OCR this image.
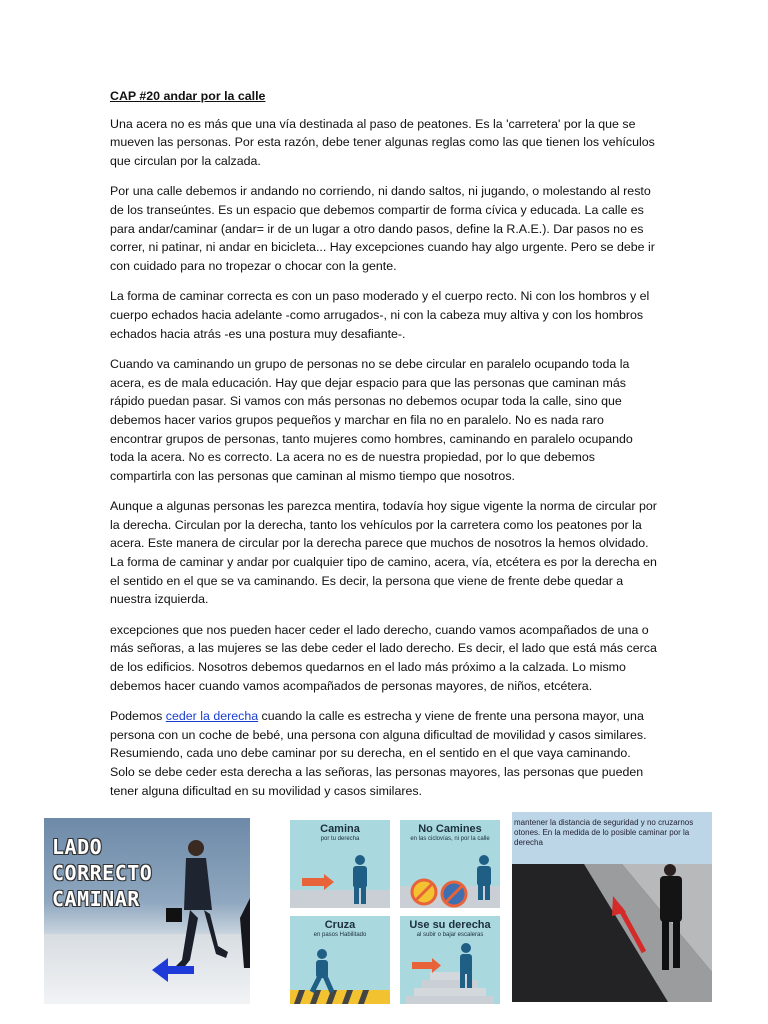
CAP #20 andar por la calle

Una acera no es más que una vía destinada al paso de peatones. Es la 'carretera' por la que se mueven las personas. Por esta razón, debe tener algunas reglas como las que tienen los vehículos que circulan por la calzada.

Por una calle debemos ir andando no corriendo, ni dando saltos, ni jugando, o molestando al resto de los transeúntes. Es un espacio que debemos compartir de forma cívica y educada. La calle es para andar/caminar (andar= ir de un lugar a otro dando pasos, define la R.A.E.). Dar pasos no es correr, ni patinar, ni andar en bicicleta... Hay excepciones cuando hay algo urgente. Pero se debe ir con cuidado para no tropezar o chocar con la gente.

La forma de caminar correcta es con un paso moderado y el cuerpo recto. Ni con los hombros y el cuerpo echados hacia adelante -como arrugados-, ni con la cabeza muy altiva y con los hombros echados hacia atrás -es una postura muy desafiante-.

Cuando va caminando un grupo de personas no se debe circular en paralelo ocupando toda la acera, es de mala educación. Hay que dejar espacio para que las personas que caminan más rápido puedan pasar. Si vamos con más personas no debemos ocupar toda la calle, sino que debemos hacer varios grupos pequeños y marchar en fila no en paralelo. No es nada raro encontrar grupos de personas, tanto mujeres como hombres, caminando en paralelo ocupando toda la acera. No es correcto. La acera no es de nuestra propiedad, por lo que debemos compartirla con las personas que caminan al mismo tiempo que nosotros.

Aunque a algunas personas les parezca mentira, todavía hoy sigue vigente la norma de circular por la derecha. Circulan por la derecha, tanto los vehículos por la carretera como los peatones por la acera. Este manera de circular por la derecha parece que muchos de nosotros la hemos olvidado. La forma de caminar y andar por cualquier tipo de camino, acera, vía, etcétera es por la derecha en el sentido en el que se va caminando. Es decir, la persona que viene de frente debe quedar a nuestra izquierda.

excepciones que nos pueden hacer ceder el lado derecho, cuando vamos acompañados de una o más señoras, a las mujeres se las debe ceder el lado derecho. Es decir, el lado que está más cerca de los edificios. Nosotros debemos quedarnos en el lado más próximo a la calzada. Lo mismo debemos hacer cuando vamos acompañados de personas mayores, de niños, etcétera.

Podemos ceder la derecha cuando la calle es estrecha y viene de frente una persona mayor, una persona con un coche de bebé, una persona con alguna dificultad de movilidad y casos similares. Resumiendo, cada uno debe caminar por su derecha, en el sentido en el que vaya caminando. Solo se debe ceder esta derecha a las señoras, las personas mayores, las personas que pueden tener alguna dificultad en su movilidad y casos similares.

LADO
CORRECTO
CAMINAR
Camina
por tu derecha
No Camines
en las ciclovías, ni por la calle
Cruza
en pasos Habilitado
Use su derecha
al subir o bajar escaleras
mantener la distancia de seguridad y no cruzarnos otones. En la medida de lo posible caminar por la derecha
